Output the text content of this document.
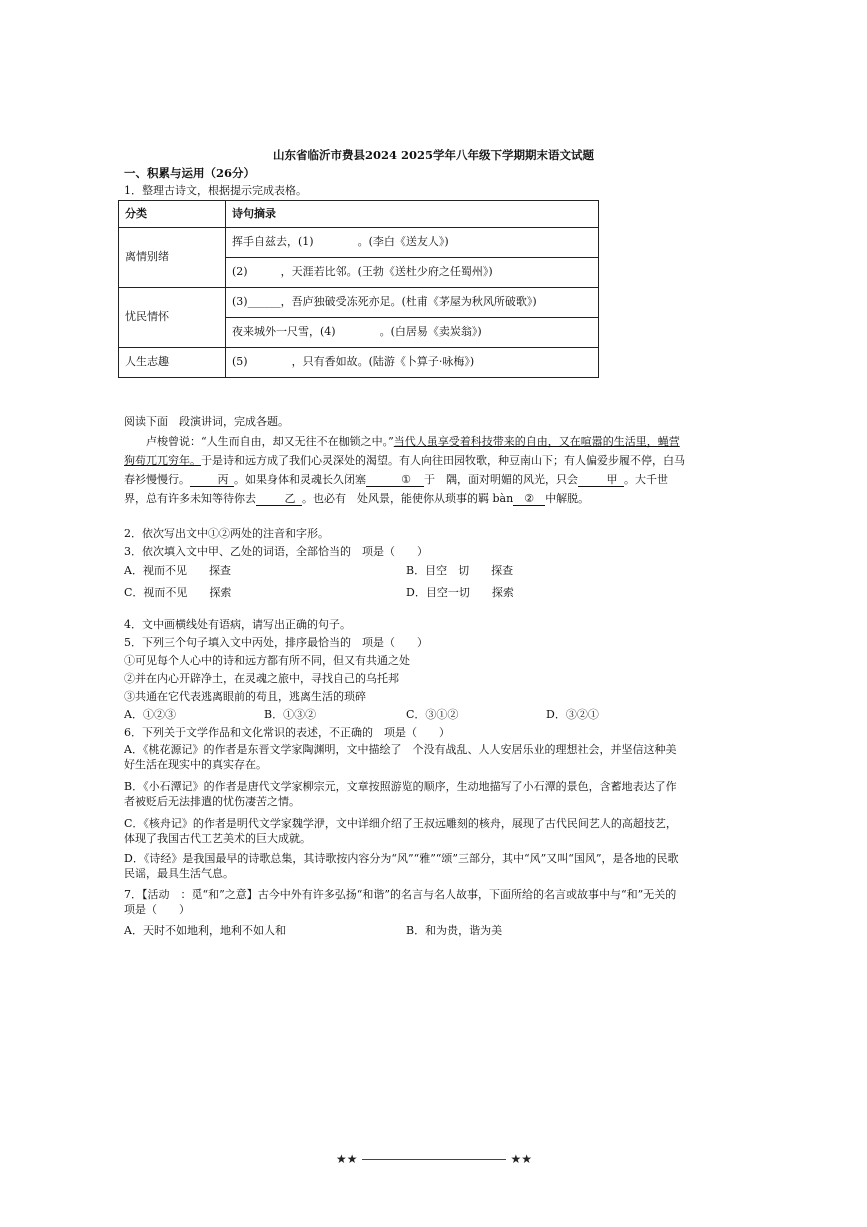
山东省临沂市费县2024 2025学年八年级下学期期末语文试题
一、积累与运用（26分）
1．整理古诗文，根据提示完成表格。
分类	诗句摘录
离情别绪	挥手自兹去，(1)　　　　。(李白《送友人》)
	(2)　　　，天涯若比邻。(王勃《送杜少府之任蜀州》)
忧民情怀	(3)______，吾庐独破受冻死亦足。(杜甫《茅屋为秋风所破歌》)
	夜来城外一尺雪，(4)　　　　。(白居易《卖炭翁》)
人生志趣	(5)　　　　，只有香如故。(陆游《卜算子·咏梅》)
阅读下面　段演讲词，完成各题。
卢梭曾说：“人生而自由，却又无往不在枷锁之中。”当代人虽享受着科技带来的自由，又在喧嚣的生活里，蝇营狗苟兀兀穷年。于是诗和远方成了我们心灵深处的渴望。有人向往田园牧歌，种豆南山下；有人偏爱步履不停，白马春衫慢慢行。	丙 。如果身体和灵魂长久闭塞	① 于　隅，面对明媚的风光，只会	甲 。大千世界，总有许多未知等待你去	乙 。也必有　处风景，能使你从琐事的羁 bàn ② 中解脱。
2．依次写出文中①②两处的注音和字形。
3．依次填入文中甲、乙处的词语，全部恰当的　项是（　　）
A．视而不见　　探查	B．目空　切　　探查
C．视而不见　　探索	D．目空一切　　探索
4．文中画横线处有语病，请写出正确的句子。
5．下列三个句子填入文中丙处，排序最恰当的　项是（　　）
①可见每个人心中的诗和远方都有所不同，但又有共通之处
②并在内心开辟净土，在灵魂之旅中，寻找自己的乌托邦
③共通在它代表逃离眼前的苟且，逃离生活的琐碎
A．①②③	B．①③②	C．③①②	D．③②①
6．下列关于文学作品和文化常识的表述，不正确的　项是（　　）
A．《桃花源记》的作者是东晋文学家陶渊明，文中描绘了　个没有战乱、人人安居乐业的理想社会，并坚信这种美好生活在现实中的真实存在。
B．《小石潭记》的作者是唐代文学家柳宗元，文章按照游览的顺序，生动地描写了小石潭的景色，含蓄地表达了作者被贬后无法排遣的忧伤凄苦之情。
C．《核舟记》的作者是明代文学家魏学洢，文中详细介绍了王叔远雕刻的核舟，展现了古代民间艺人的高超技艺，体现了我国古代工艺美术的巨大成就。
D．《诗经》是我国最早的诗歌总集，其诗歌按内容分为“风”“雅”“颂”三部分，其中“风”又叫“国风”，是各地的民歌民谣，最具生活气息。
7．【活动　：觅“和”之意】古今中外有许多弘扬“和谐”的名言与名人故事，下面所给的名言或故事中与“和”无关的　项是（　　）
A．天时不如地利，地利不如人和	B．和为贵，谐为美
★★	★★
